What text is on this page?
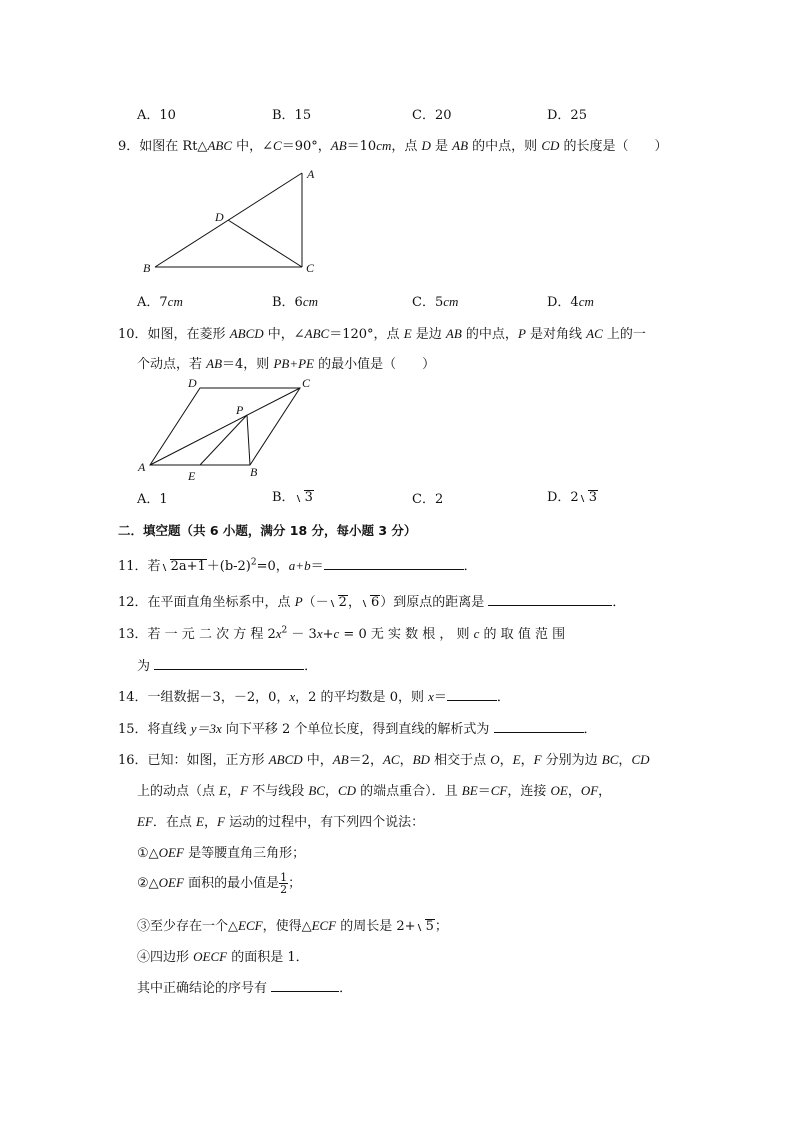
A．10	B．15	C．20	D．25
9．如图在 Rt△ABC 中，∠C＝90°，AB＝10cm，点 D 是 AB 的中点，则 CD 的长度是（　　）
A
B	C
D
A．7cm	B．6cm	C．5cm	D．4cm
10．如图，在菱形 ABCD 中，∠ABC＝120°，点 E 是边 AB 的中点，P 是对角线 AC 上的一
个动点，若 AB＝4，则 PB+PE 的最小值是（　　）
A	B
C
D
E
P
A．1	B． 3	C．2	D．2 3
二．填空题（共 6 小题，满分 18 分，每小题 3 分）
11．若 $2a+1+(b-2)^2=0$，a+b＝	．
12．在平面直角坐标系中，点 P（－ 2， 6）到原点的距离是	．
13．若 一 元 二 次 方 程 $2x^2 - 3x+c = 0$ 无 实 数 根 ， 则 c 的 取 值 范 围
为	．
14．一组数据－3，－2，0，x，2 的平均数是 0，则 x＝	．
15．将直线 y＝3x 向下平移 2 个单位长度，得到直线的解析式为	．
16．已知：如图，正方形 ABCD 中，AB＝2，AC，BD 相交于点 O，E，F 分别为边 BC，CD
上的动点（点 E，F 不与线段 BC，CD 的端点重合）．且 BE＝CF，连接 OE，OF，
EF．在点 E，F 运动的过程中，有下列四个说法：
①△OEF 是等腰直角三角形；
②△OEF 面积的最小值是 $\frac{1}{2}$ ；
③至少存在一个△ECF，使得△ECF 的周长是 2+ 5；
④四边形 OECF 的面积是 1．
其中正确结论的序号有	．
